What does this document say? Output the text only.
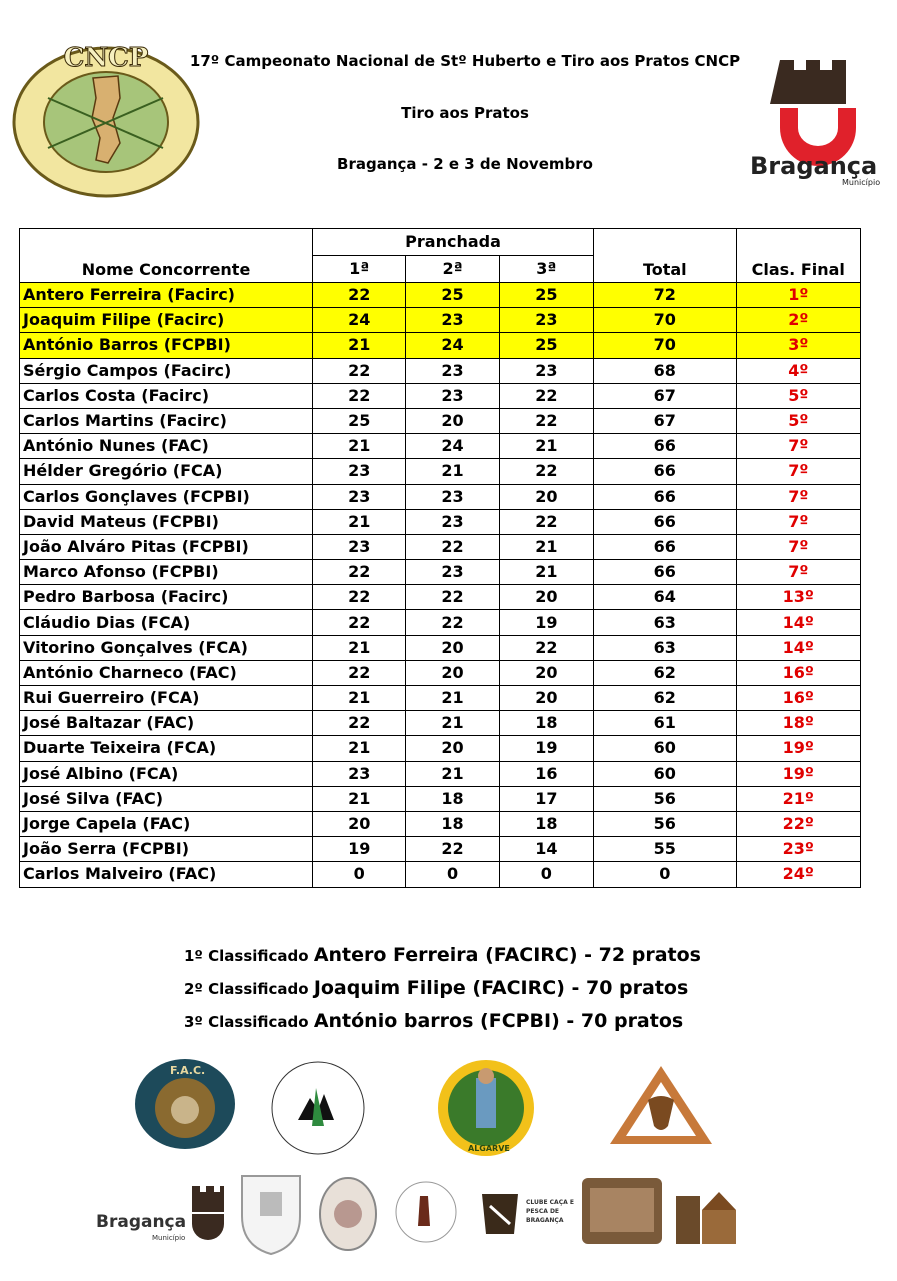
17º Campeonato Nacional de Stº Huberto e Tiro aos Pratos CNCP
Tiro aos Pratos
Bragança - 2 e 3 de Novembro
CNCP
Bragança
Município
Nome Concorrente	Pranchada			Total	Clas. Final
	1ª	2ª	3ª		
Antero Ferreira (Facirc)	22	25	25	72	1º
Joaquim Filipe (Facirc)	24	23	23	70	2º
António Barros (FCPBI)	21	24	25	70	3º
Sérgio Campos (Facirc)	22	23	23	68	4º
Carlos Costa (Facirc)	22	23	22	67	5º
Carlos Martins (Facirc)	25	20	22	67	5º
António Nunes (FAC)	21	24	21	66	7º
Hélder Gregório (FCA)	23	21	22	66	7º
Carlos Gonçlaves (FCPBI)	23	23	20	66	7º
David Mateus (FCPBI)	21	23	22	66	7º
João Alváro Pitas (FCPBI)	23	22	21	66	7º
Marco Afonso (FCPBI)	22	23	21	66	7º
Pedro Barbosa (Facirc)	22	22	20	64	13º
Cláudio Dias (FCA)	22	22	19	63	14º
Vitorino Gonçalves (FCA)	21	20	22	63	14º
António Charneco (FAC)	22	20	20	62	16º
Rui Guerreiro (FCA)	21	21	20	62	16º
José Baltazar (FAC)	22	21	18	61	18º
Duarte Teixeira (FCA)	21	20	19	60	19º
José Albino (FCA)	23	21	16	60	19º
José Silva (FAC)	21	18	17	56	21º
Jorge Capela (FAC)	20	18	18	56	22º
João Serra (FCPBI)	19	22	14	55	23º
Carlos Malveiro (FAC)	0	0	0	0	24º
1º Classificado Antero Ferreira (FACIRC) - 72 pratos
2º Classificado Joaquim Filipe (FACIRC) - 70 pratos
3º Classificado António barros (FCPBI) - 70 pratos
F.A.C.
ALGARVE
Bragança
Município
CLUBE CAÇA E PESCA DE BRAGANÇA
